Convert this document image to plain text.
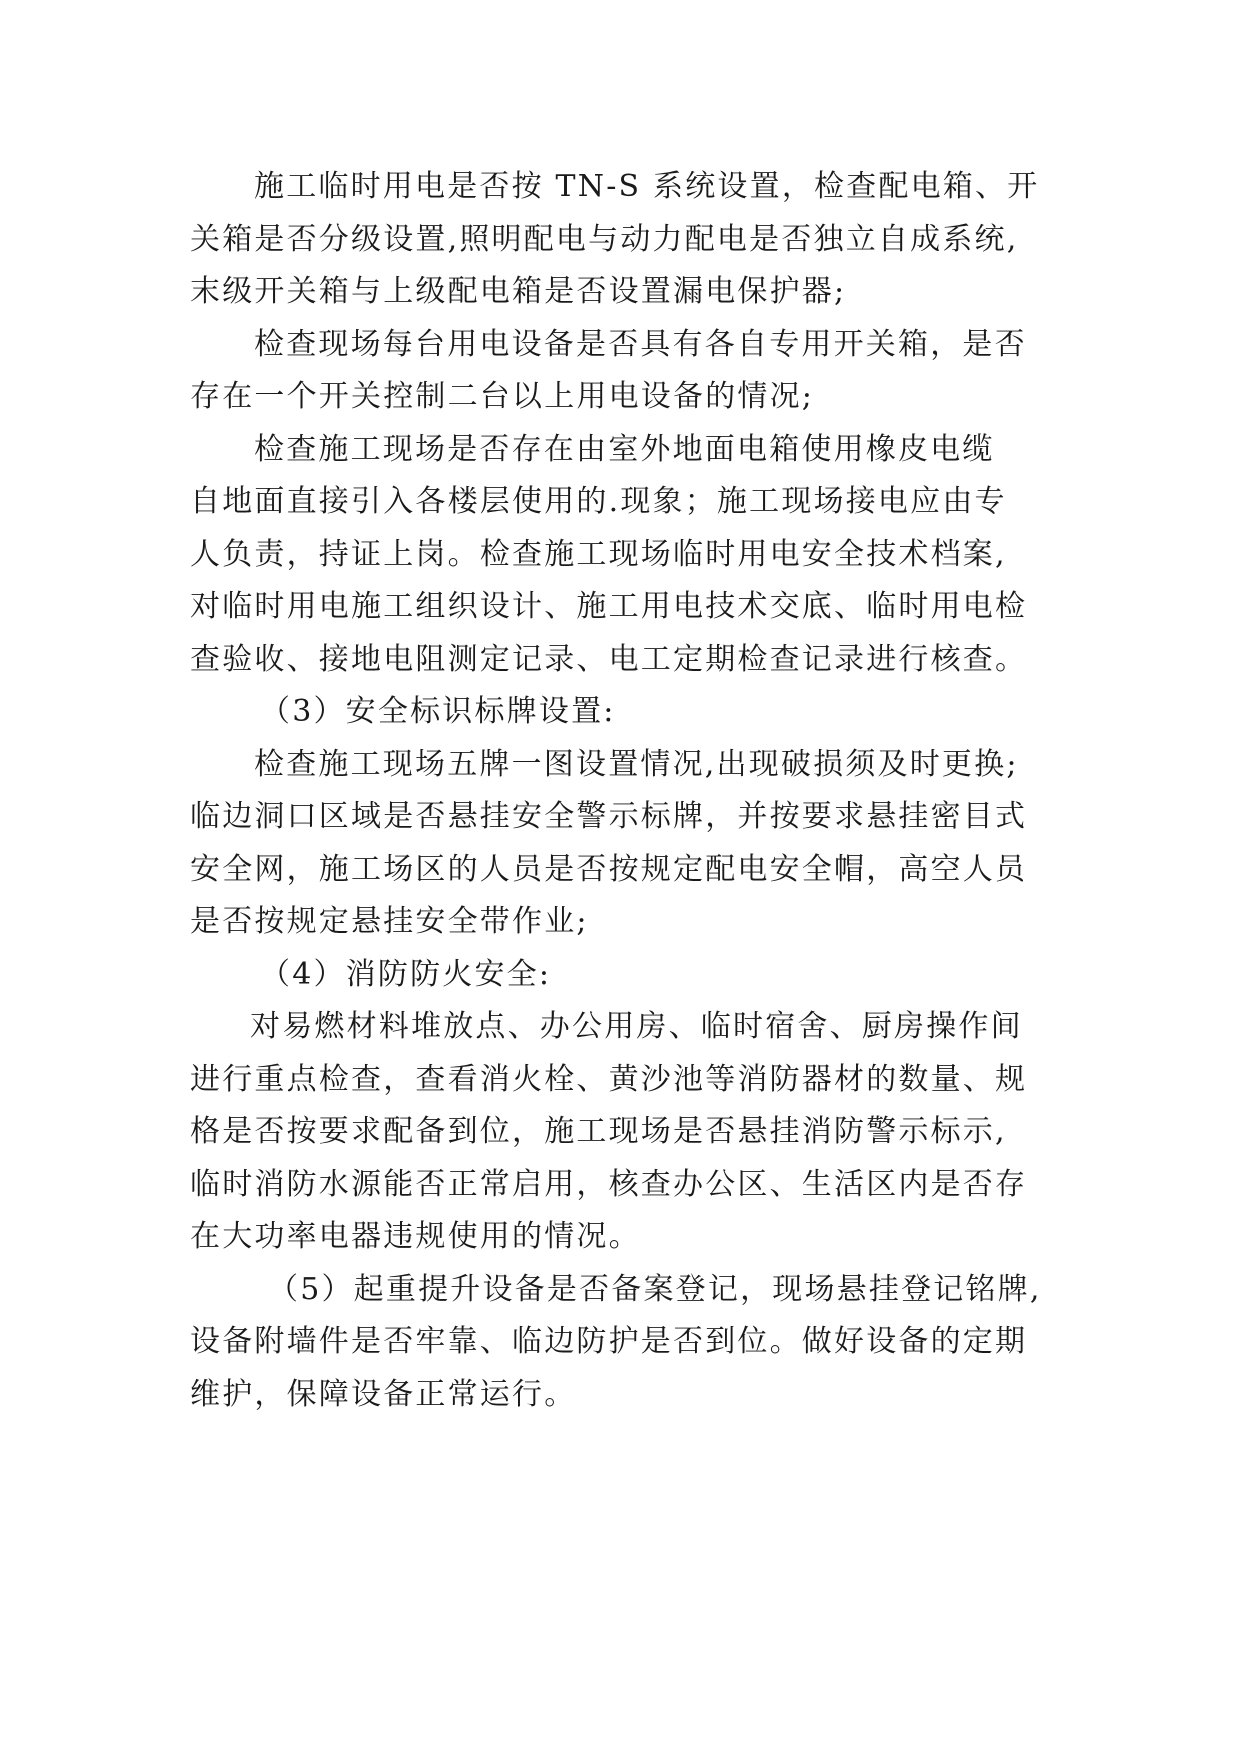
施工临时用电是否按 TN-S 系统设置，检查配电箱、开
关箱是否分级设置,照明配电与动力配电是否独立自成系统,
末级开关箱与上级配电箱是否设置漏电保护器;
检查现场每台用电设备是否具有各自专用开关箱，是否
存在一个开关控制二台以上用电设备的情况;
检查施工现场是否存在由室外地面电箱使用橡皮电缆
自地面直接引入各楼层使用的.现象；施工现场接电应由专
人负责，持证上岗。检查施工现场临时用电安全技术档案,
对临时用电施工组织设计、施工用电技术交底、临时用电检
查验收、接地电阻测定记录、电工定期检查记录进行核查。
（3）安全标识标牌设置:
检查施工现场五牌一图设置情况,出现破损须及时更换;
临边洞口区域是否悬挂安全警示标牌，并按要求悬挂密目式
安全网，施工场区的人员是否按规定配电安全帽，高空人员
是否按规定悬挂安全带作业;
（4）消防防火安全:
对易燃材料堆放点、办公用房、临时宿舍、厨房操作间
进行重点检查，查看消火栓、黄沙池等消防器材的数量、规
格是否按要求配备到位，施工现场是否悬挂消防警示标示,
临时消防水源能否正常启用，核查办公区、生活区内是否存
在大功率电器违规使用的情况。
（5）起重提升设备是否备案登记，现场悬挂登记铭牌,
设备附墙件是否牢靠、临边防护是否到位。做好设备的定期
维护，保障设备正常运行。
